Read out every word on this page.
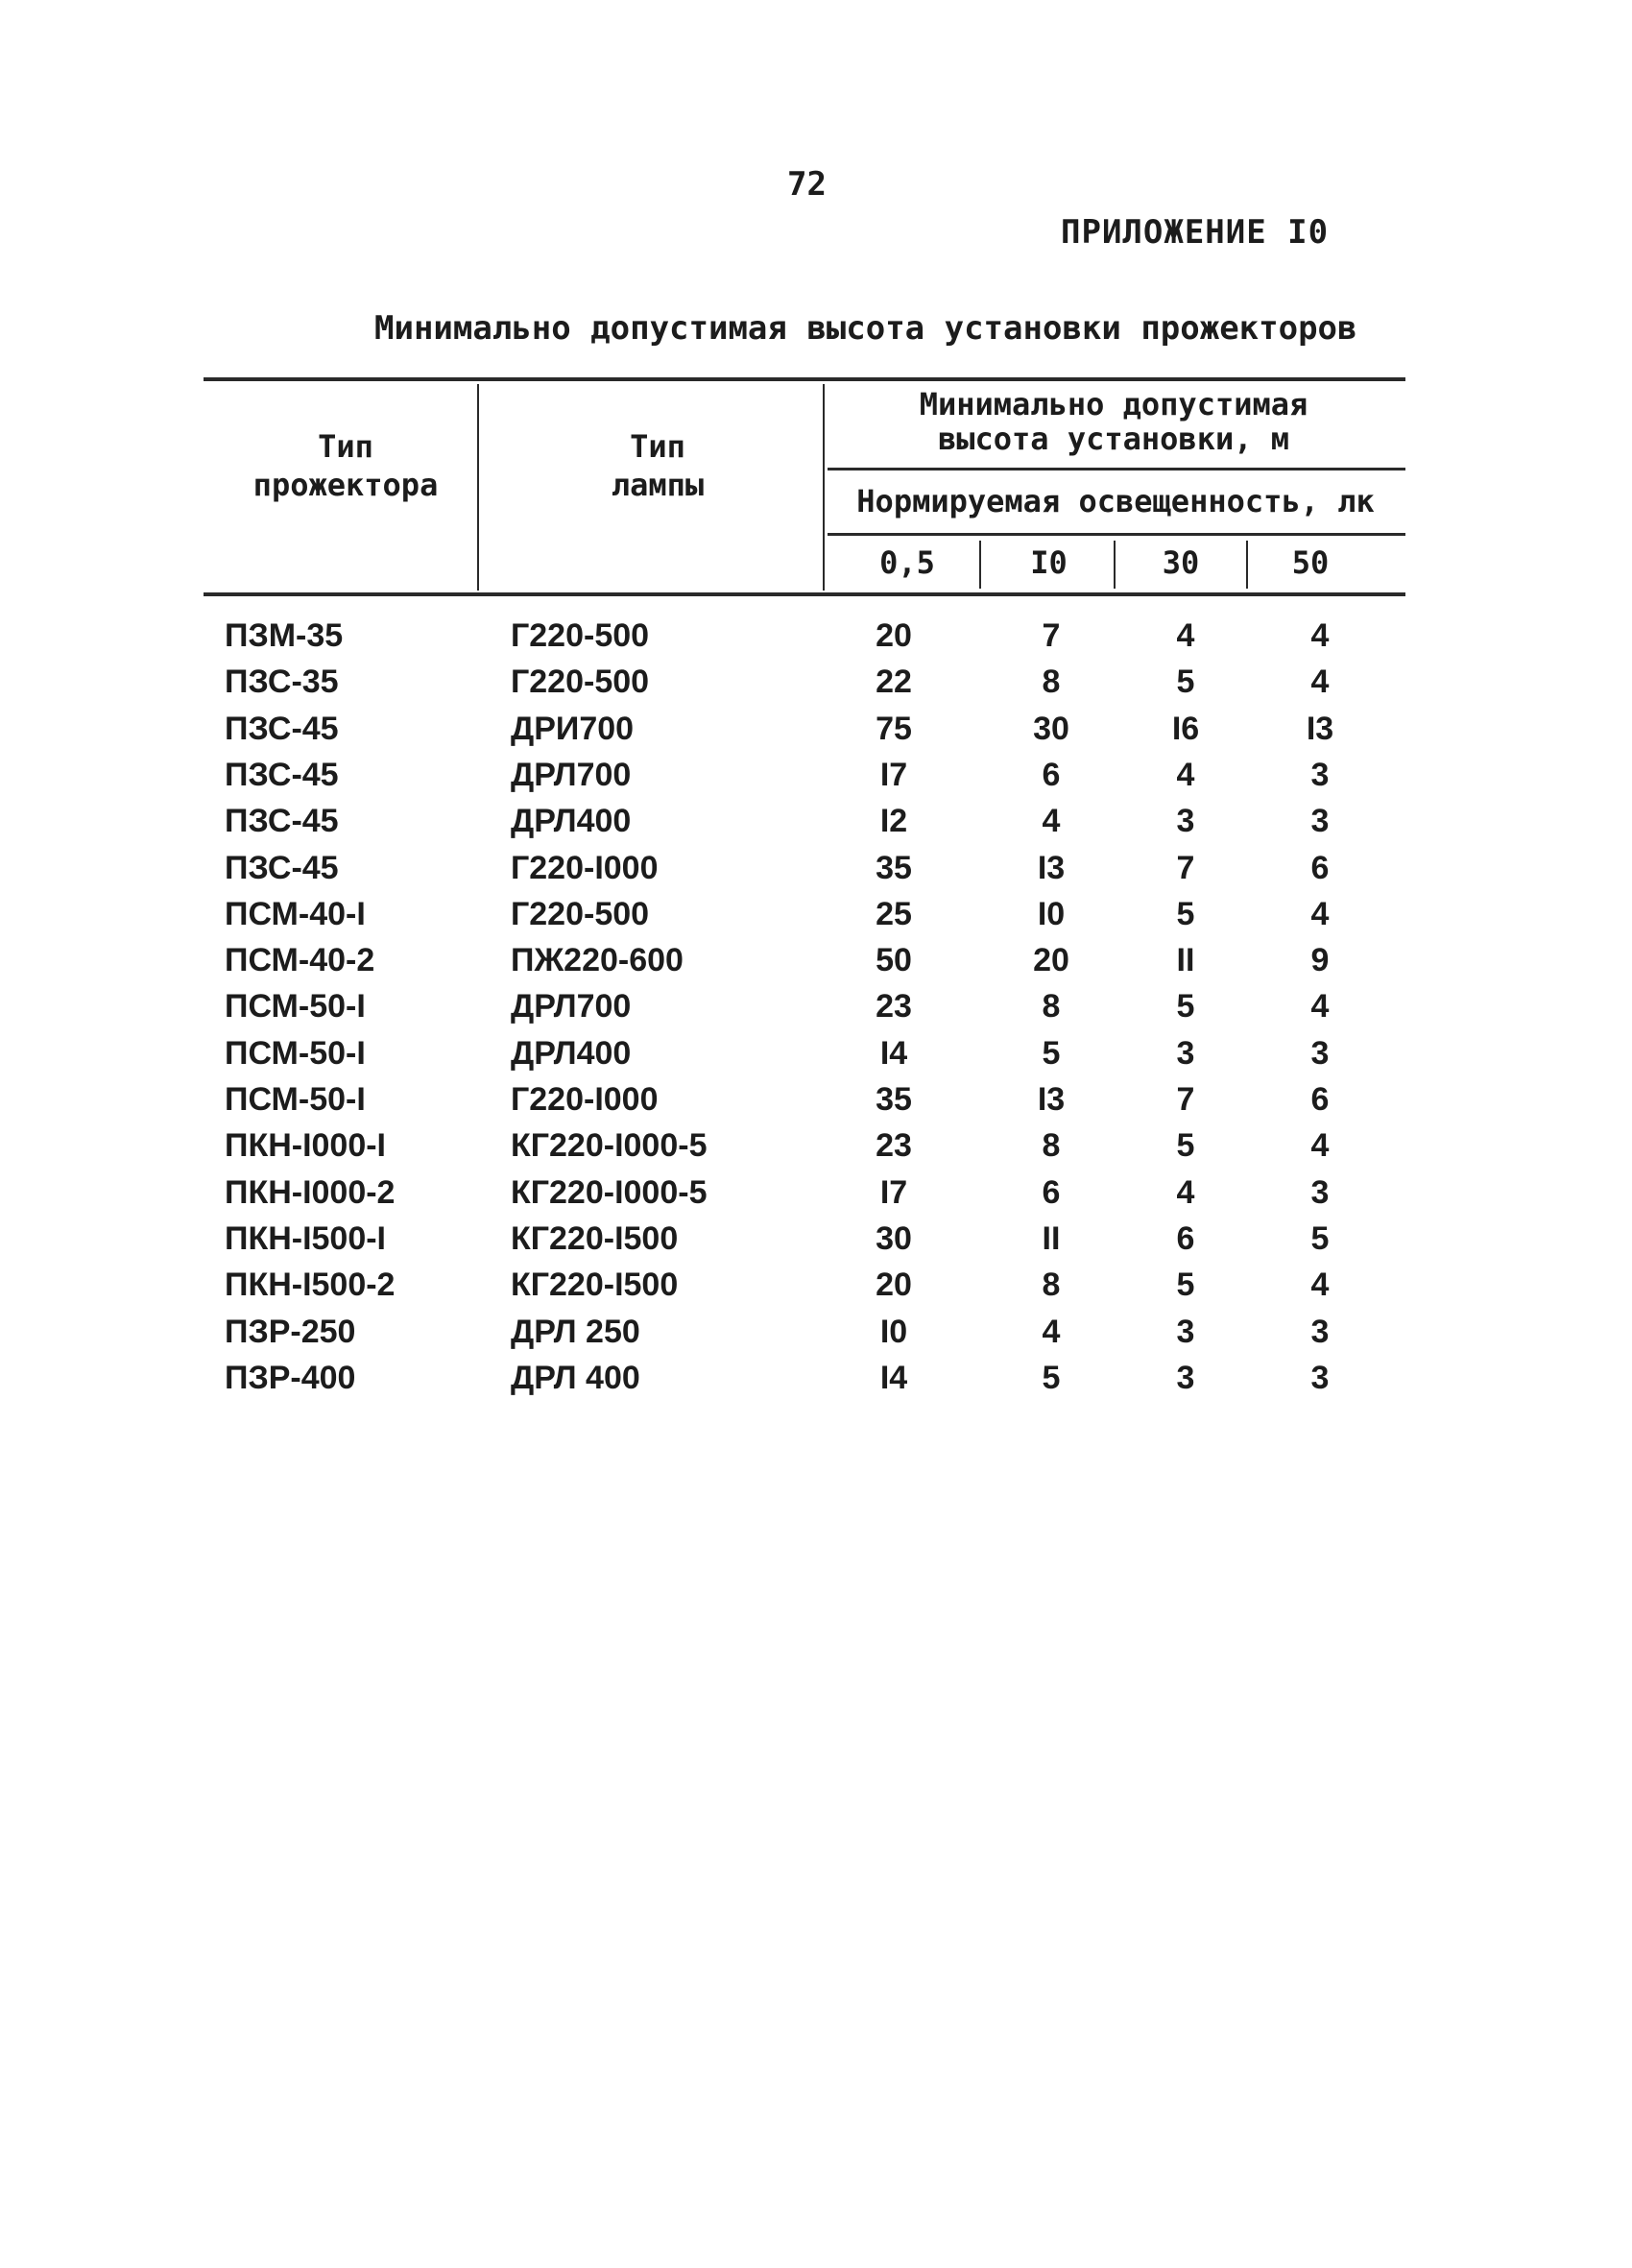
72
ПРИЛОЖЕНИЕ I0
Минимально допустимая высота установки прожекторов
Тип
прожектора
Тип
лампы
Минимально допустимая
высота установки, м
Нормируемая освещенность, лк
0,5	I0	30	50
ПЗМ-35	Г220-500	20	7	4	4
ПЗС-35	Г220-500	22	8	5	4
ПЗС-45	ДРИ700	75	30	I6	I3
ПЗС-45	ДРЛ700	I7	6	4	3
ПЗС-45	ДРЛ400	I2	4	3	3
ПЗС-45	Г220-I000	35	I3	7	6
ПСМ-40-I	Г220-500	25	I0	5	4
ПСМ-40-2	ПЖ220-600	50	20	II	9
ПСМ-50-I	ДРЛ700	23	8	5	4
ПСМ-50-I	ДРЛ400	I4	5	3	3
ПСМ-50-I	Г220-I000	35	I3	7	6
ПКН-I000-I	КГ220-I000-5	23	8	5	4
ПКН-I000-2	КГ220-I000-5	I7	6	4	3
ПКН-I500-I	КГ220-I500	30	II	6	5
ПКН-I500-2	КГ220-I500	20	8	5	4
ПЗР-250	ДРЛ 250	I0	4	3	3
ПЗР-400	ДРЛ 400	I4	5	3	3
